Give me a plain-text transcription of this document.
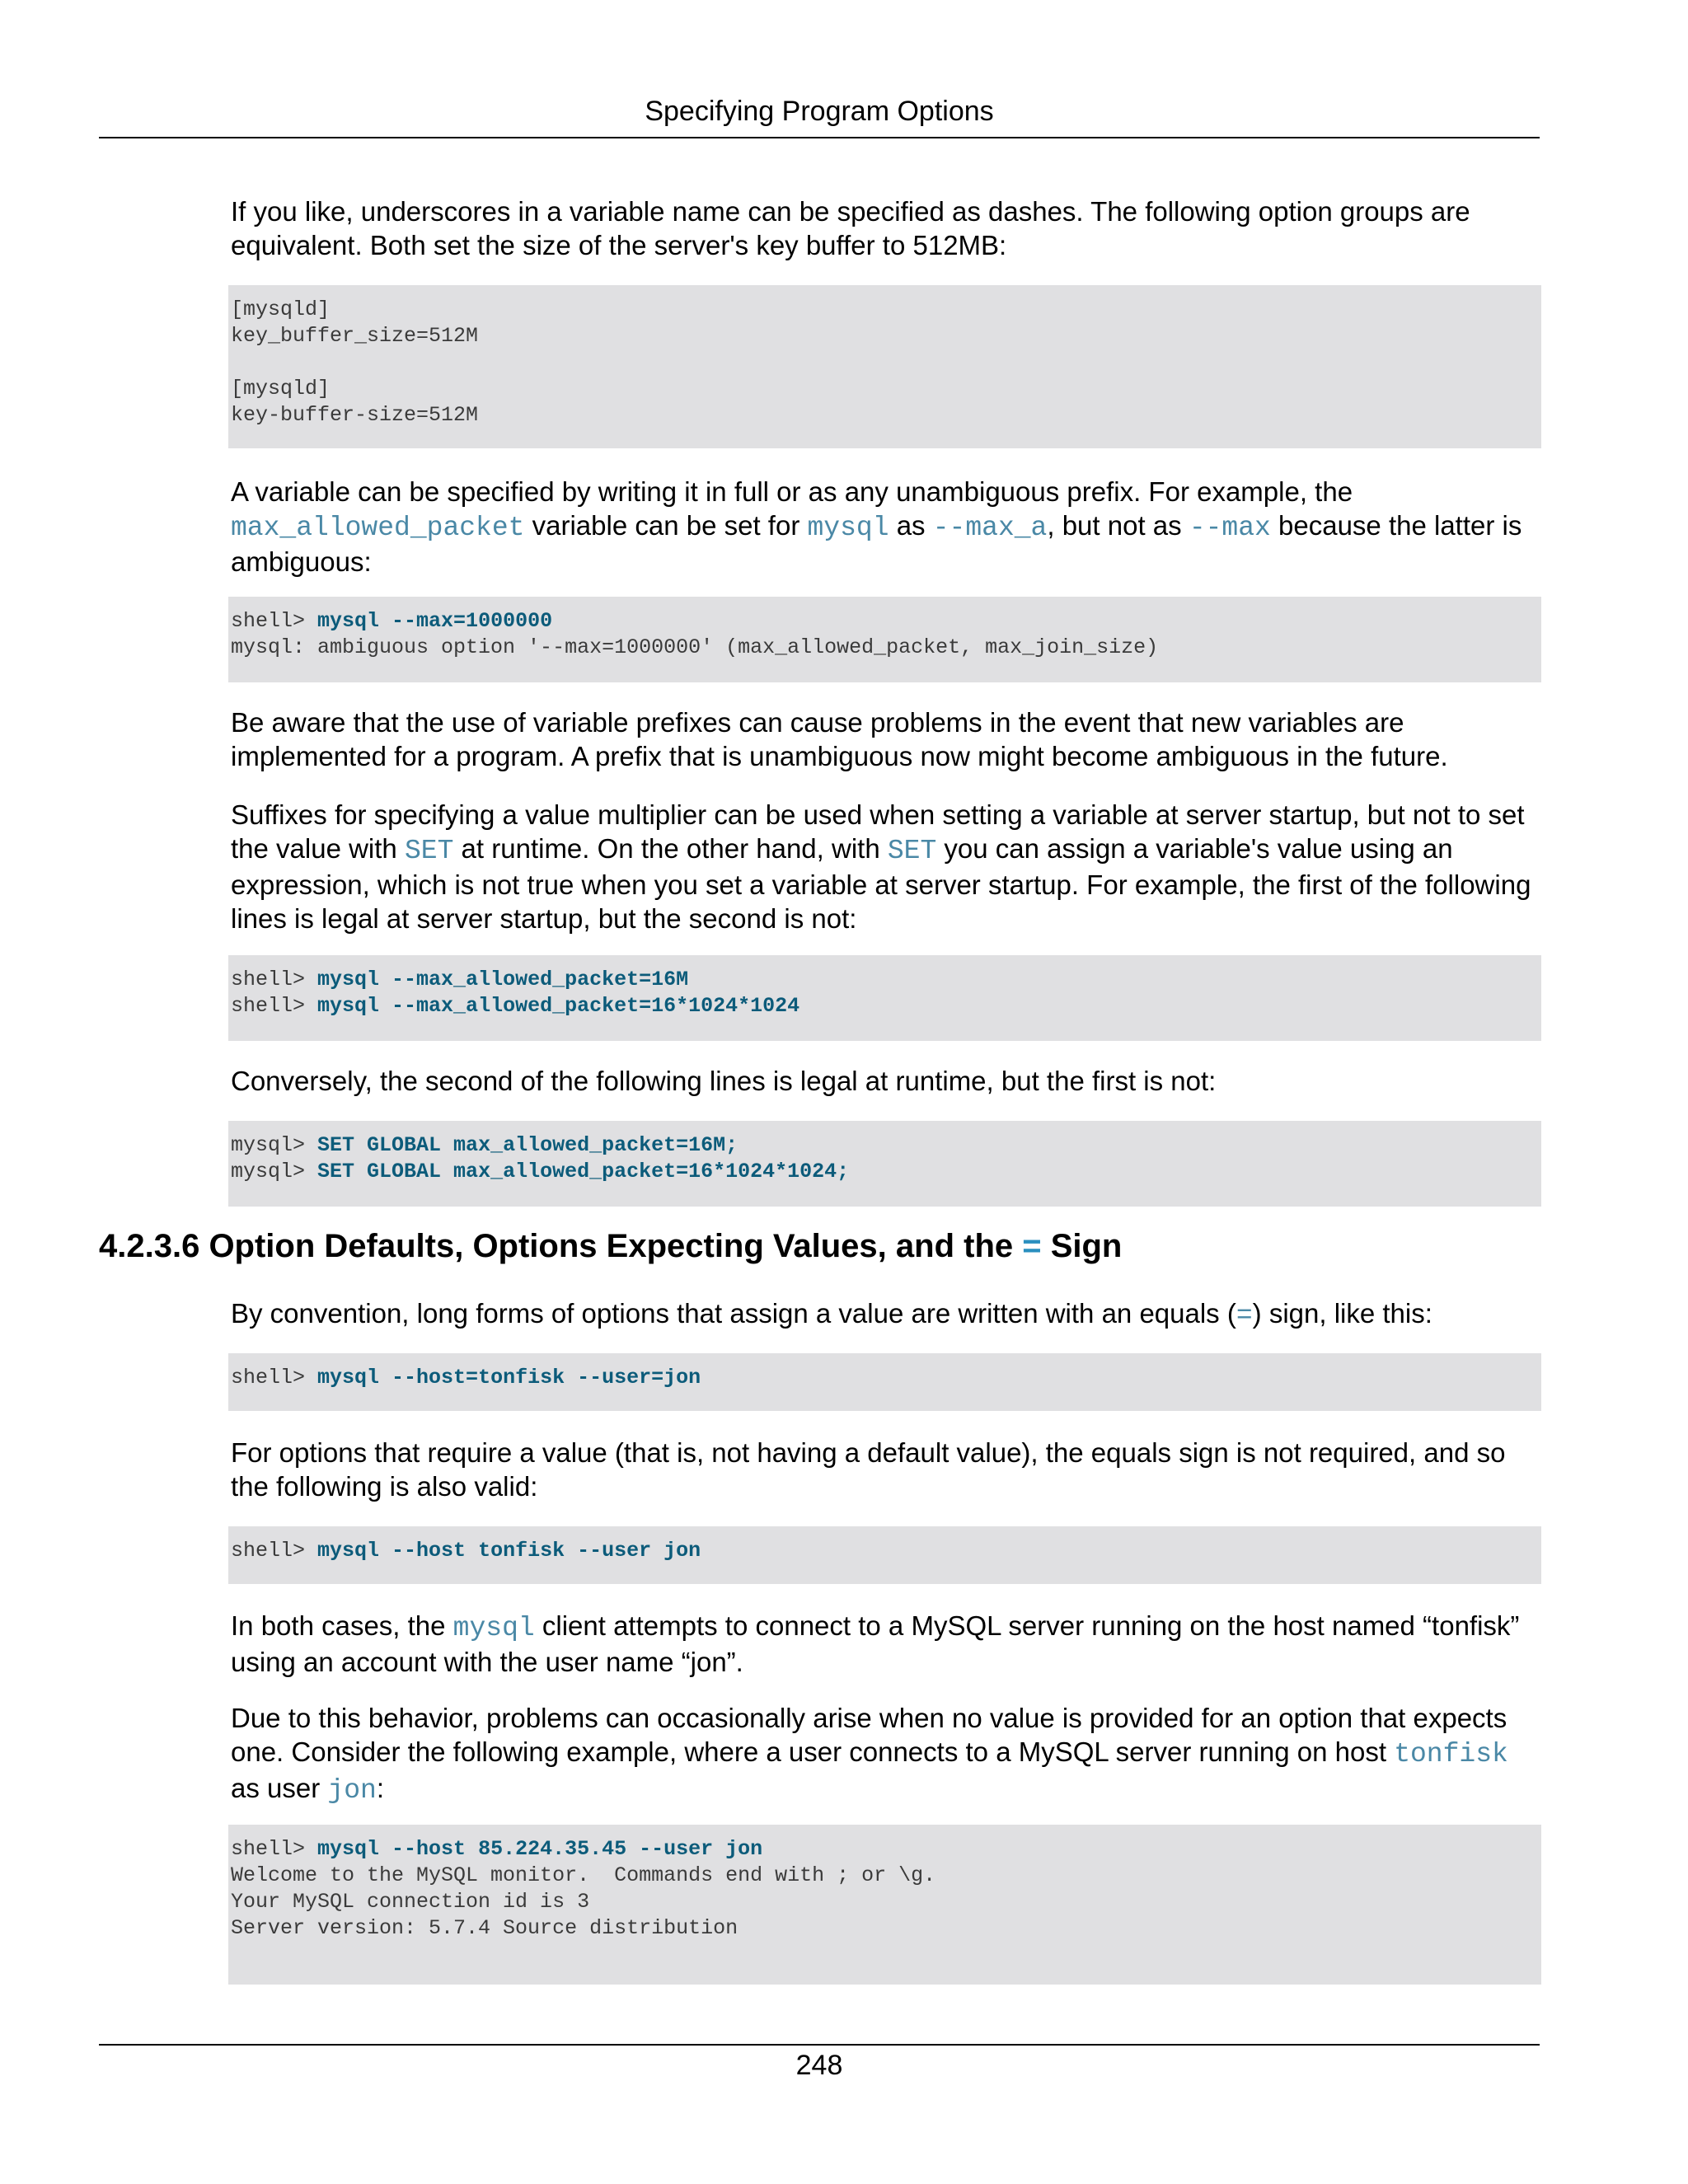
Specifying Program Options

If you like, underscores in a variable name can be specified as dashes. The following option groups are equivalent. Both set the size of the server's key buffer to 512MB:

[mysqld]
key_buffer_size=512M

[mysqld]
key-buffer-size=512M

A variable can be specified by writing it in full or as any unambiguous prefix. For example, the max_allowed_packet variable can be set for mysql as --max_a, but not as --max because the latter is ambiguous:

shell> mysql --max=1000000
mysql: ambiguous option '--max=1000000' (max_allowed_packet, max_join_size)

Be aware that the use of variable prefixes can cause problems in the event that new variables are implemented for a program. A prefix that is unambiguous now might become ambiguous in the future.

Suffixes for specifying a value multiplier can be used when setting a variable at server startup, but not to set the value with SET at runtime. On the other hand, with SET you can assign a variable's value using an expression, which is not true when you set a variable at server startup. For example, the first of the following lines is legal at server startup, but the second is not:

shell> mysql --max_allowed_packet=16M
shell> mysql --max_allowed_packet=16*1024*1024

Conversely, the second of the following lines is legal at runtime, but the first is not:

mysql> SET GLOBAL max_allowed_packet=16M;
mysql> SET GLOBAL max_allowed_packet=16*1024*1024;
4.2.3.6 Option Defaults, Options Expecting Values, and the = Sign

By convention, long forms of options that assign a value are written with an equals (=) sign, like this:

shell> mysql --host=tonfisk --user=jon

For options that require a value (that is, not having a default value), the equals sign is not required, and so the following is also valid:

shell> mysql --host tonfisk --user jon

In both cases, the mysql client attempts to connect to a MySQL server running on the host named “tonfisk” using an account with the user name “jon”.

Due to this behavior, problems can occasionally arise when no value is provided for an option that expects one. Consider the following example, where a user connects to a MySQL server running on host tonfisk as user jon:

shell> mysql --host 85.224.35.45 --user jon
Welcome to the MySQL monitor.  Commands end with ; or \g.
Your MySQL connection id is 3
Server version: 5.7.4 Source distribution
248
